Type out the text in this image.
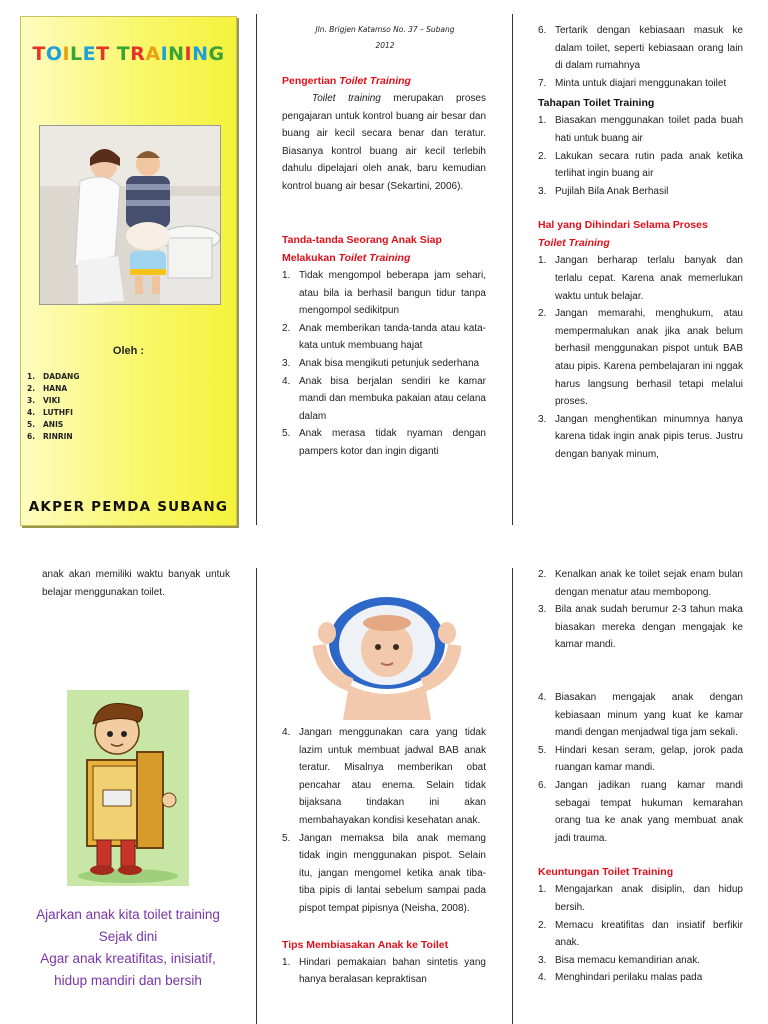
TOILET TRAINING
Oleh :
1. DADANG
2. HANA
3. VIKI
4. LUTHFI
5. ANIS
6. RINRIN
AKPER PEMDA SUBANG
Jln. Brigjen Katamso No. 37 – Subang
2012
Pengertian Toilet Training

Toilet training merupakan proses pengajaran untuk kontrol buang air besar dan buang air kecil secara benar dan teratur. Biasanya kontrol buang air kecil terlebih dahulu dipelajari oleh anak, baru kemudian kontrol buang air besar (Sekartini, 2006).

Tanda-tanda Seorang Anak Siap
Melakukan Toilet Training
1. Tidak mengompol beberapa jam sehari, atau bila ia berhasil bangun tidur tanpa mengompol sedikitpun
2. Anak memberikan tanda-tanda atau kata-kata untuk membuang hajat
3. Anak bisa mengikuti petunjuk sederhana
4. Anak bisa berjalan sendiri ke kamar mandi dan membuka pakaian atau celana dalam
5. Anak merasa tidak nyaman dengan pampers kotor dan ingin diganti
6. Tertarik dengan kebiasaan masuk ke dalam toilet, seperti kebiasaan orang lain di dalam rumahnya
7. Minta untuk diajari menggunakan toilet
Tahapan Toilet Training
1. Biasakan menggunakan toilet pada buah hati untuk buang air
2. Lakukan secara rutin pada anak ketika terlihat ingin buang air
3. Pujilah Bila Anak Berhasil
Hal yang Dihindari Selama Proses
Toilet Training
1. Jangan berharap terlalu banyak dan terlalu cepat. Karena anak memerlukan waktu untuk belajar.
2. Jangan memarahi, menghukum, atau mempermalukan anak jika anak belum berhasil menggunakan pispot untuk BAB atau pipis. Karena pembelajaran ini nggak harus langsung berhasil tetapi melalui proses.
3. Jangan menghentikan minumnya hanya karena tidak ingin anak pipis terus. Justru dengan banyak minum,

anak akan memiliki waktu banyak untuk belajar menggunakan toilet.

Ajarkan anak kita toilet training
Sejak dini
Agar anak kreatifitas, inisiatif,
hidup mandiri dan bersih
4. Jangan menggunakan cara yang tidak lazim untuk membuat jadwal BAB anak teratur. Misalnya memberikan obat pencahar atau enema. Selain tidak bijaksana tindakan ini akan membahayakan kondisi kesehatan anak.
5. Jangan memaksa bila anak memang tidak ingin menggunakan pispot. Selain itu, jangan mengomel ketika anak tiba-tiba pipis di lantai sebelum sampai pada pispot tempat pipisnya (Neisha, 2008).
Tips Membiasakan Anak ke Toilet
1. Hindari pemakaian bahan sintetis yang hanya beralasan kepraktisan
2. Kenalkan anak ke toilet sejak enam bulan dengan menatur atau membopong.
3. Bila anak sudah berumur 2-3 tahun maka biasakan mereka dengan mengajak ke kamar mandi.
4. Biasakan mengajak anak dengan kebiasaan minum yang kuat ke kamar mandi dengan menjadwal tiga jam sekali.
5. Hindari kesan seram, gelap, jorok pada ruangan kamar mandi.
6. Jangan jadikan ruang kamar mandi sebagai tempat hukuman kemarahan orang tua ke anak yang membuat anak jadi trauma.
Keuntungan Toilet Training
1. Mengajarkan anak disiplin, dan hidup bersih.
2. Memacu kreatifitas dan insiatif berfikir anak.
3. Bisa memacu kemandirian anak.
4. Menghindari perilaku malas pada
